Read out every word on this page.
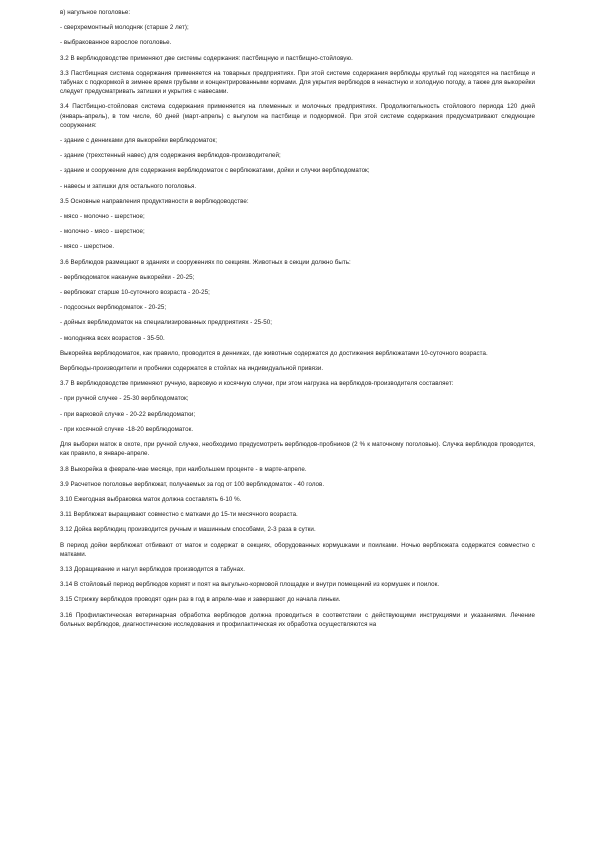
в) нагульное поголовье:

- сверхремонтный молодняк (старше 2 лет);

- выбракованное взрослое поголовье.

3.2 В верблюдоводстве применяют две системы содержания: пастбищную и пастбищно-стойловую.

3.3 Пастбищная система содержания применяется на товарных предприятиях. При этой системе содержания верблюды круглый год находятся на пастбище и табунах с подкормкой в зимнее время грубыми и концентрированными кормами. Для укрытия верблюдов в ненастную и холодную погоду, а также для выкорейки следует предусматривать затишки и укрытия с навесами.

3.4 Пастбищно-стойловая система содержания применяется на племенных и молочных предприятиях. Продолжительность стойлового периода 120 дней (январь-апрель), в том числе, 60 дней (март-апрель) с выгулом на пастбище и подкормкой. При этой системе содержания предусматривают следующие сооружения:

- здание с денниками для выкорейки верблюдоматок;

- здание (трехстенный навес) для содержания верблюдов-производителей;

- здание и сооружение для содержания верблюдоматок с верблюжатами, дойки и случки верблюдоматок;

- навесы и затишки для остального поголовья.

3.5 Основные направления продуктивности в верблюдоводстве:

- мясо - молочно - шерстное;

- молочно - мясо - шерстное;

- мясо - шерстное.

3.6 Верблюдов размещают в зданиях и сооружениях по секциям. Животных в секции должно быть:

- верблюдоматок накануне выкорейки - 20-25;

- верблюжат старше 10-суточного возраста - 20-25;

- подсосных верблюдоматок - 20-25;

- дойных верблюдоматок на специализированных предприятиях - 25-50;

- молодняка всех возрастов - 35-50.

Выкорейка верблюдоматок, как правило, проводится в денниках, где животные содержатся до достижения верблюжатами 10-суточного возраста.

Верблюды-производители и пробники содержатся в стойлах на индивидуальной привязи.

3.7 В верблюдоводстве применяют ручную, варковую и косячную случки, при этом нагрузка на верблюдов-производителя составляет:

- при ручной случке - 25-30 верблюдоматок;

- при варковой случке - 20-22 верблюдоматки;

- при косячной случке -18-20 верблюдоматок.

Для выборки маток в охоте, при ручной случке, необходимо предусмотреть верблюдов-пробников (2 % к маточному поголовью). Случка верблюдов проводится, как правило, в январе-апреле.

3.8 Выкорейка в феврале-мае месяце, при наибольшем проценте - в марте-апреле.

3.9 Расчетное поголовье верблюжат, получаемых за год от 100 верблюдоматок - 40 голов.

3.10 Ежегодная выбраковка маток должна составлять 6-10 %.

3.11 Верблюжат выращивают совместно с матками до 15-ти месячного возраста.

3.12 Дойка верблюдиц производится ручным и машинным способами, 2-3 раза в сутки.

В период дойки верблюжат отбивают от маток и содержат в секциях, оборудованных кормушками и поилками. Ночью верблюжата содержатся совместно с матками.

3.13 Доращивание и нагул верблюдов производится в табунах.

3.14 В стойловый период верблюдов кормят и поят на выгульно-кормовой площадке и внутри помещений из кормушек и поилок.

3.15 Стрижку верблюдов проводят один раз в год в апреле-мае и завершают до начала линьки.

3.16 Профилактическая ветеринарная обработка верблюдов должна проводиться в соответствии с действующими инструкциями и указаниями. Лечение больных верблюдов, диагностические исследования и профилактическая их обработка осуществляются на
